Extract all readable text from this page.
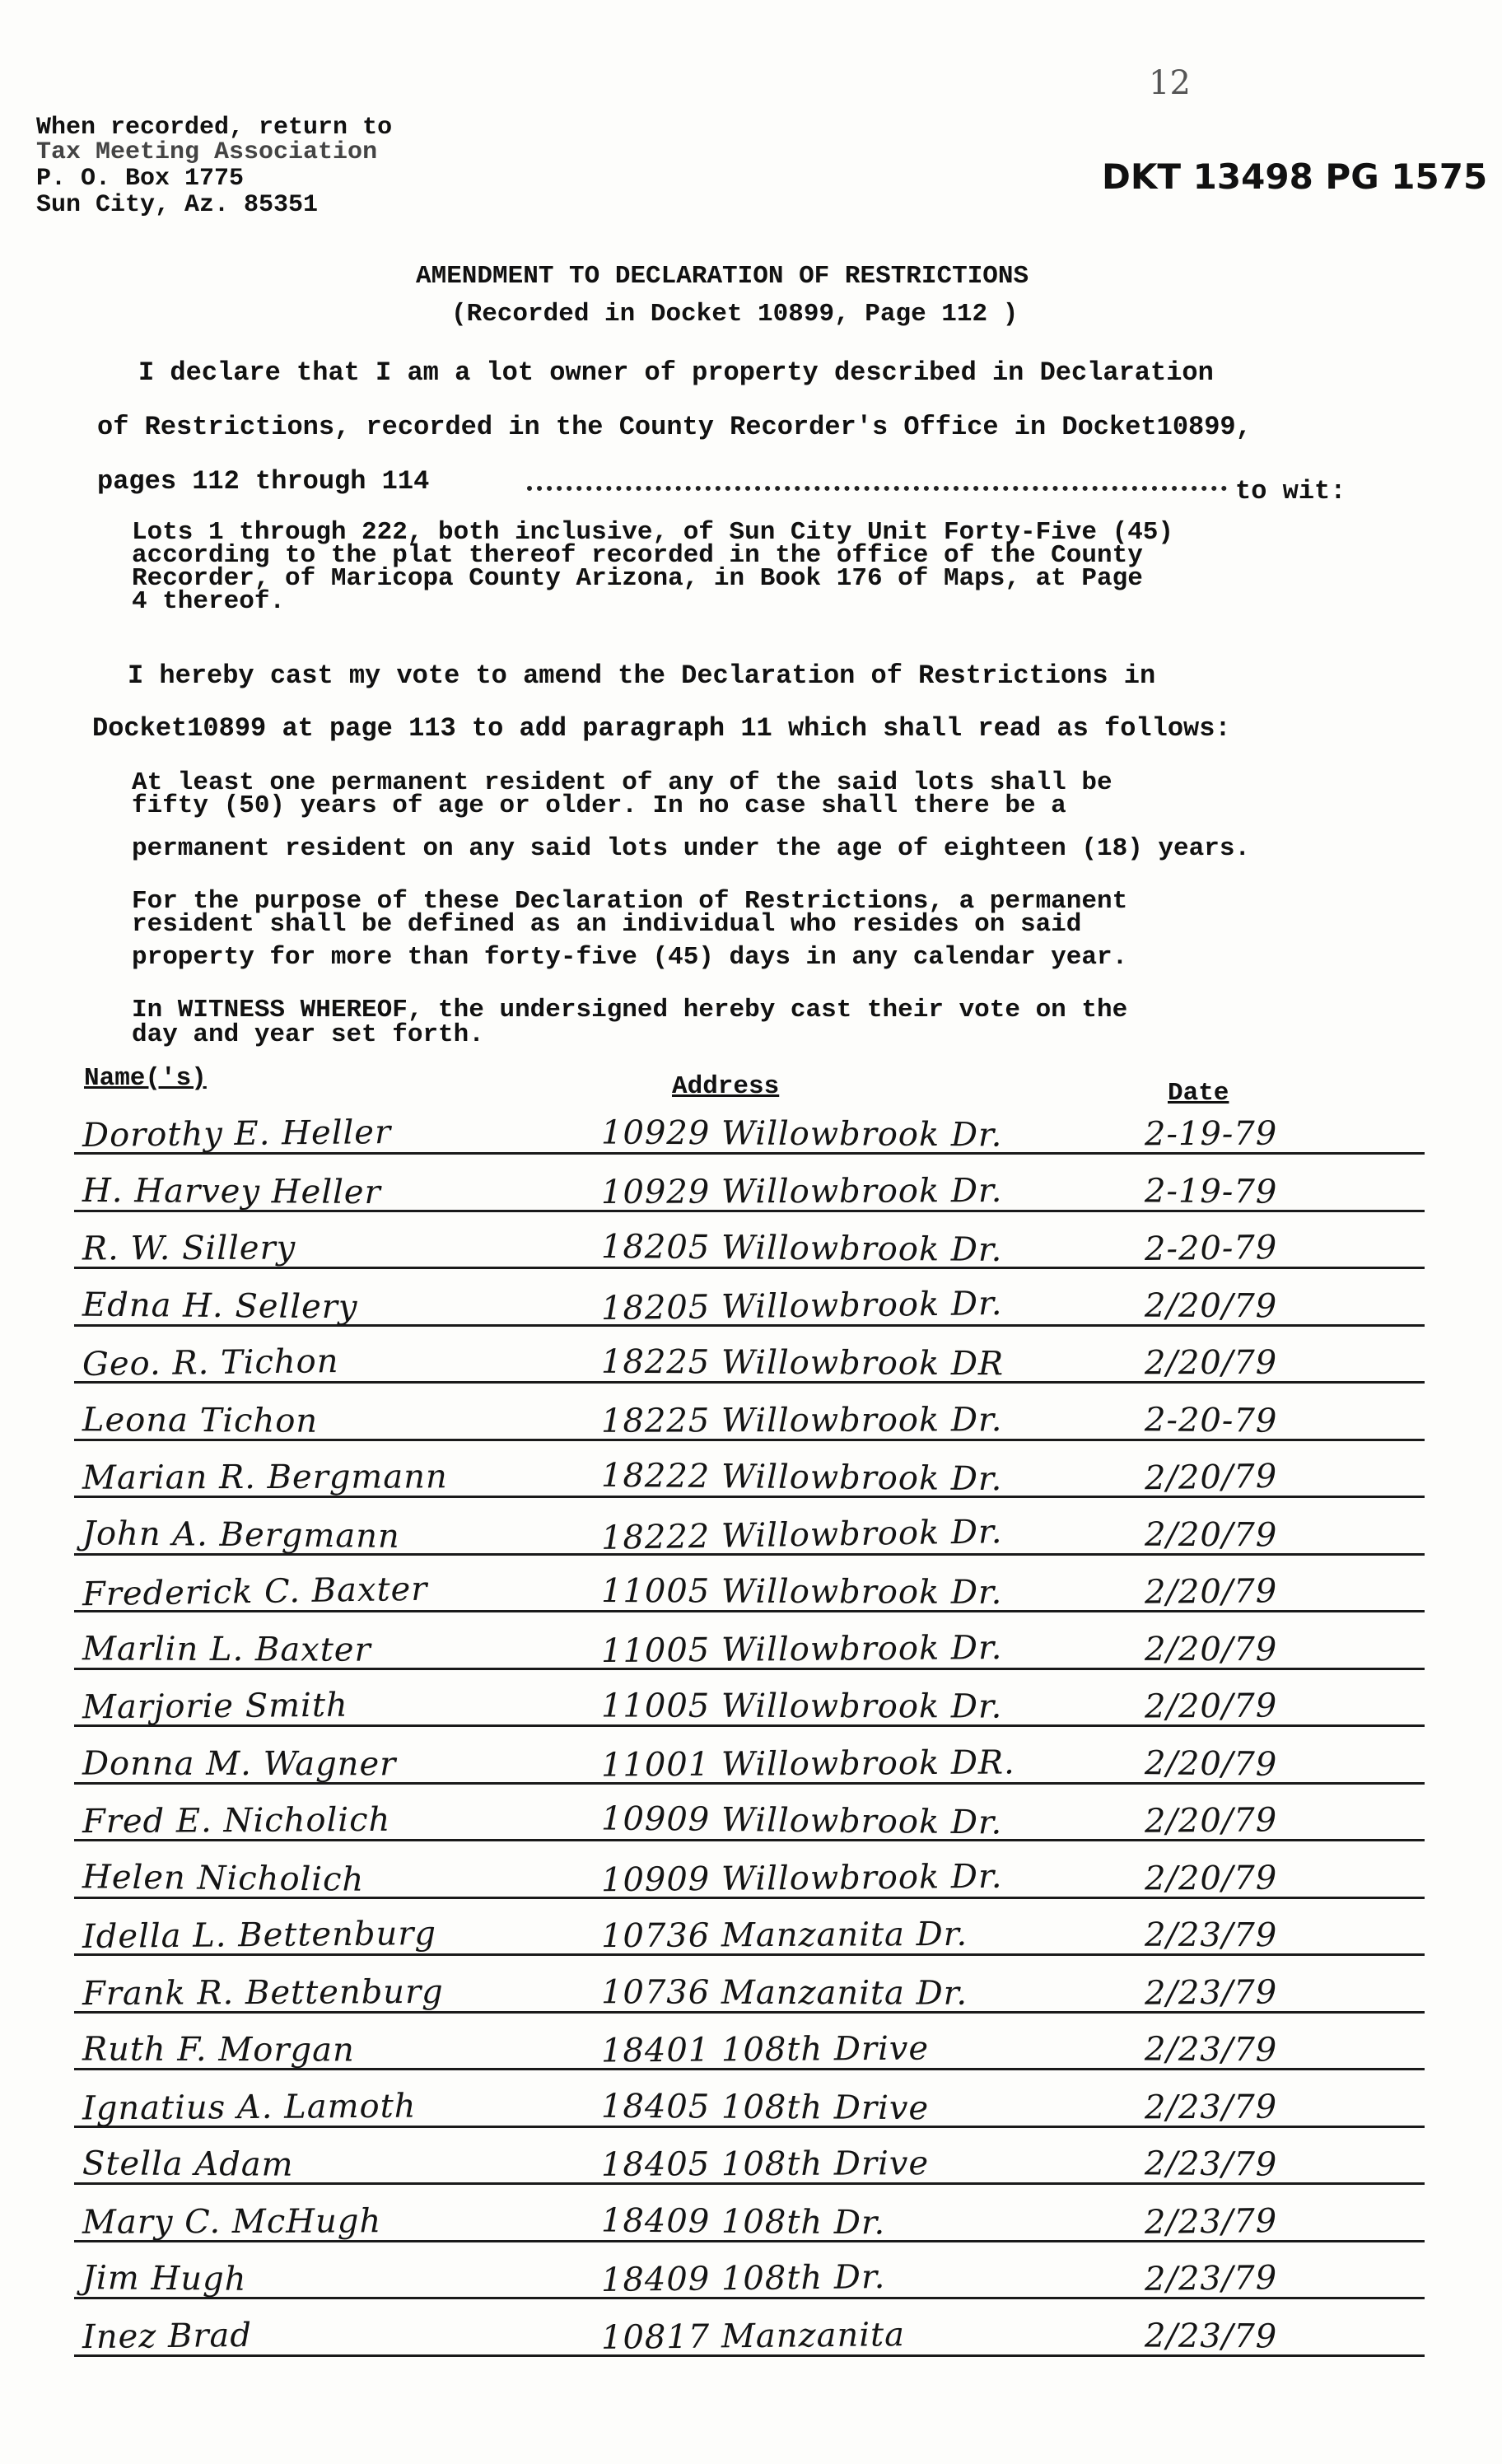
12
When recorded, return to
Tax Meeting Association
P. O. Box 1775
Sun City, Az. 85351
DKT 13498 PG 1575
AMENDMENT TO DECLARATION OF RESTRICTIONS
(Recorded in Docket 10899, Page 112 )
I declare that I am a lot owner of property described in Declaration
of Restrictions, recorded in the County Recorder's Office in Docket10899,
pages 112 through 114	to wit:
Lots 1 through 222, both inclusive, of Sun City Unit Forty-Five (45)
according to the plat thereof recorded in the office of the County
Recorder, of Maricopa County Arizona, in Book 176 of Maps, at Page
4 thereof.
I hereby cast my vote to amend the Declaration of Restrictions in
Docket10899 at page 113 to add paragraph 11 which shall read as follows:
At least one permanent resident of any of the said lots shall be
fifty (50) years of age or older. In no case shall there be a
permanent resident on any said lots under the age of eighteen (18) years.
For the purpose of these Declaration of Restrictions, a permanent
resident shall be defined as an individual who resides on said
property for more than forty-five (45) days in any calendar year.
In WITNESS WHEREOF, the undersigned hereby cast their vote on the
day and year set forth.
Name('s)	Address	Date
Dorothy E. Heller	10929 Willowbrook Dr.	2-19-79
H. Harvey Heller	10929 Willowbrook Dr.	2-19-79
R. W. Sillery	18205 Willowbrook Dr.	2-20-79
Edna H. Sellery	18205 Willowbrook Dr.	2/20/79
Geo. R. Tichon	18225 Willowbrook DR	2/20/79
Leona Tichon	18225 Willowbrook Dr.	2-20-79
Marian R. Bergmann	18222 Willowbrook Dr.	2/20/79
John A. Bergmann	18222 Willowbrook Dr.	2/20/79
Frederick C. Baxter	11005 Willowbrook Dr.	2/20/79
Marlin L. Baxter	11005 Willowbrook Dr.	2/20/79
Marjorie Smith	11005 Willowbrook Dr.	2/20/79
Donna M. Wagner	11001 Willowbrook DR.	2/20/79
Fred E. Nicholich	10909 Willowbrook Dr.	2/20/79
Helen Nicholich	10909 Willowbrook Dr.	2/20/79
Idella L. Bettenburg	10736 Manzanita Dr.	2/23/79
Frank R. Bettenburg	10736 Manzanita Dr.	2/23/79
Ruth F. Morgan	18401 108th Drive	2/23/79
Ignatius A. Lamoth	18405 108th Drive	2/23/79
Stella Adam	18405 108th Drive	2/23/79
Mary C. McHugh	18409 108th Dr.	2/23/79
Jim Hugh	18409 108th Dr.	2/23/79
Inez Brad	10817 Manzanita	2/23/79
